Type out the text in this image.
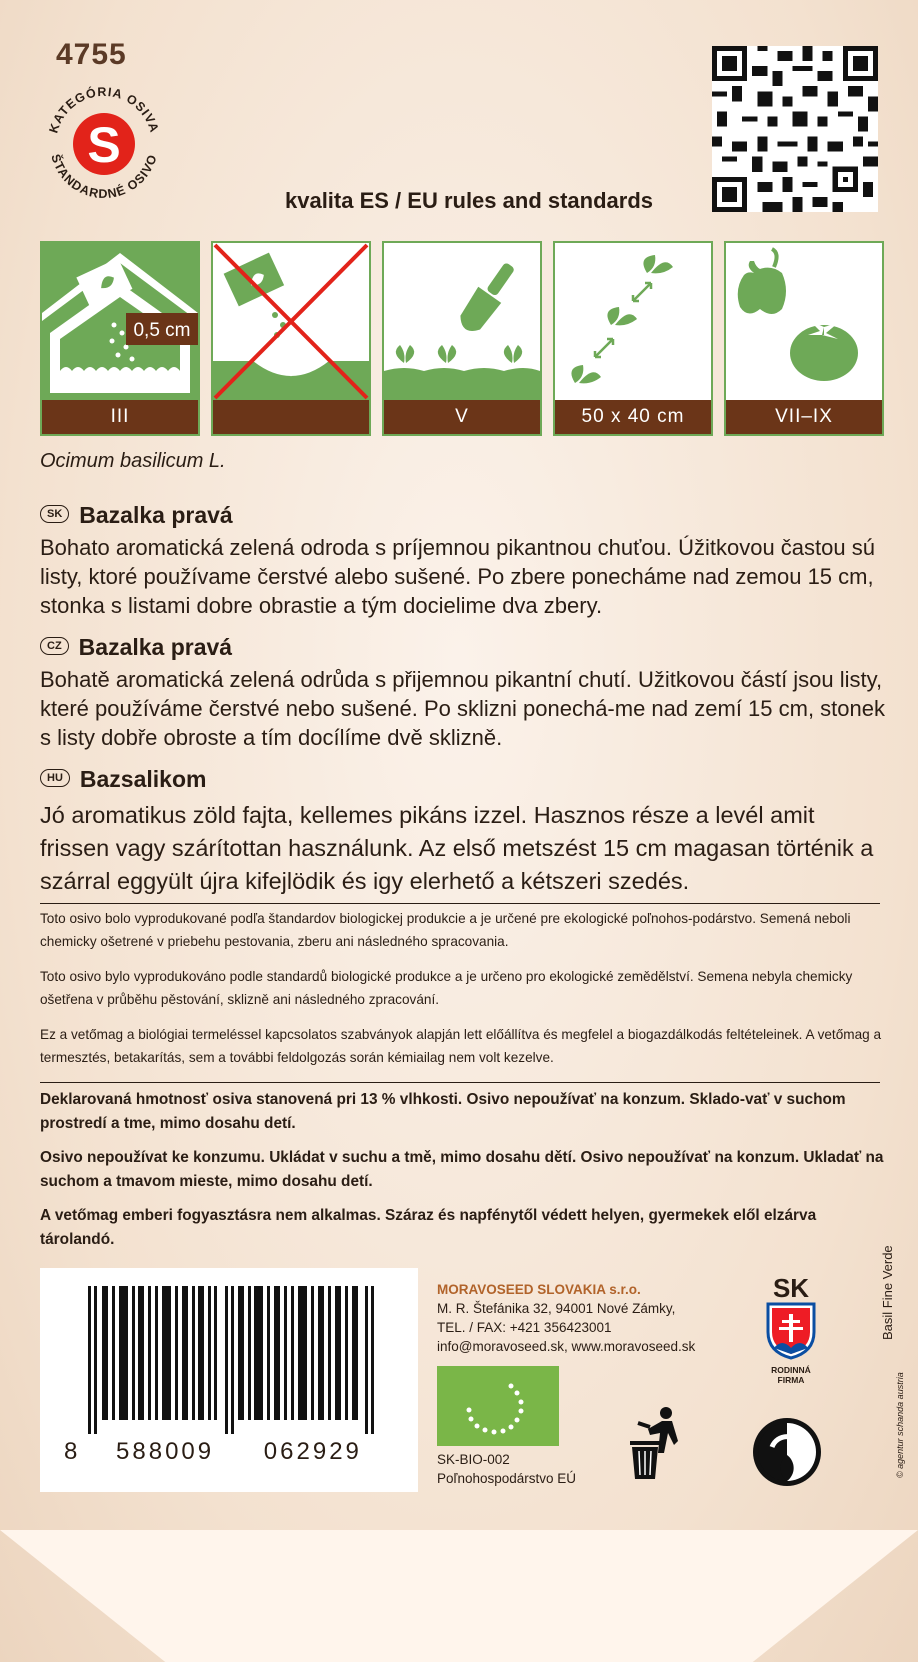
4755
KATEGÓRIA OSIVA
ŠTANDARDNÉ OSIVO
S
kvalita ES / EU rules and standards
0,5 cm
III	V	50 x 40 cm	VII–IX
Ocimum basilicum L.
SK Bazalka pravá
Bohato aromatická zelená odroda s príjemnou pikantnou chuťou. Úžitkovou častou sú listy, ktoré používame čerstvé alebo sušené. Po zbere ponecháme nad zemou 15 cm, stonka s listami dobre obrastie a tým docielime dva zbery.
CZ Bazalka pravá
Bohatě aromatická zelená odrůda s přijemnou pikantní chutí. Užitkovou částí jsou listy, které používáme čerstvé nebo sušené. Po sklizni ponechá-me nad zemí 15 cm, stonek s listy dobře obroste a tím docílíme dvě sklizně.
HU Bazsalikom
Jó aromatikus zöld fajta, kellemes pikáns izzel. Hasznos része a levél amit frissen vagy szárítottan használunk. Az első metszést 15 cm magasan történik a szárral eggyült újra kifejlödik és igy elerhető a kétszeri szedés.
Toto osivo bolo vyprodukované podľa štandardov biologickej produkcie a je určené pre ekologické poľnohos-podárstvo. Semená neboli chemicky ošetrené v priebehu pestovania, zberu ani následného spracovania.
Toto osivo bylo vyprodukováno podle standardů biologické produkce a je určeno pro ekologické zemědělství. Semena nebyla chemicky ošetřena v průběhu pěstování, sklizně ani následného zpracování.
Ez a vetőmag a biológiai termeléssel kapcsolatos szabványok alapján lett előállítva és megfelel a biogazdálkodás feltételeinek. A vetőmag a termesztés, betakarítás, sem a további feldolgozás során kémiailag nem volt kezelve.
Deklarovaná hmotnosť osiva stanovená pri 13 % vlhkosti. Osivo nepoužívať na konzum. Sklado-vať v suchom prostredí a tme, mimo dosahu detí.
Osivo nepoužívat ke konzumu. Ukládat v suchu a tmě, mimo dosahu dětí. Osivo nepoužívať na konzum. Ukladať na suchom a tmavom mieste, mimo dosahu detí.
A vetőmag emberi fogyasztásra nem alkalmas. Száraz és napfénytől védett helyen, gyermekek elől elzárva tárolandó.
8 588009 062929
MORAVOSEED SLOVAKIA s.r.o.
M. R. Štefánika 32, 94001 Nové Zámky,
TEL. / FAX: +421 356423001
info@moravoseed.sk, www.moravoseed.sk
SK-BIO-002
Poľnohospodárstvo EÚ
SK
RODINNÁ
FIRMA
Basil Fine Verde
© agentur schanda austria
